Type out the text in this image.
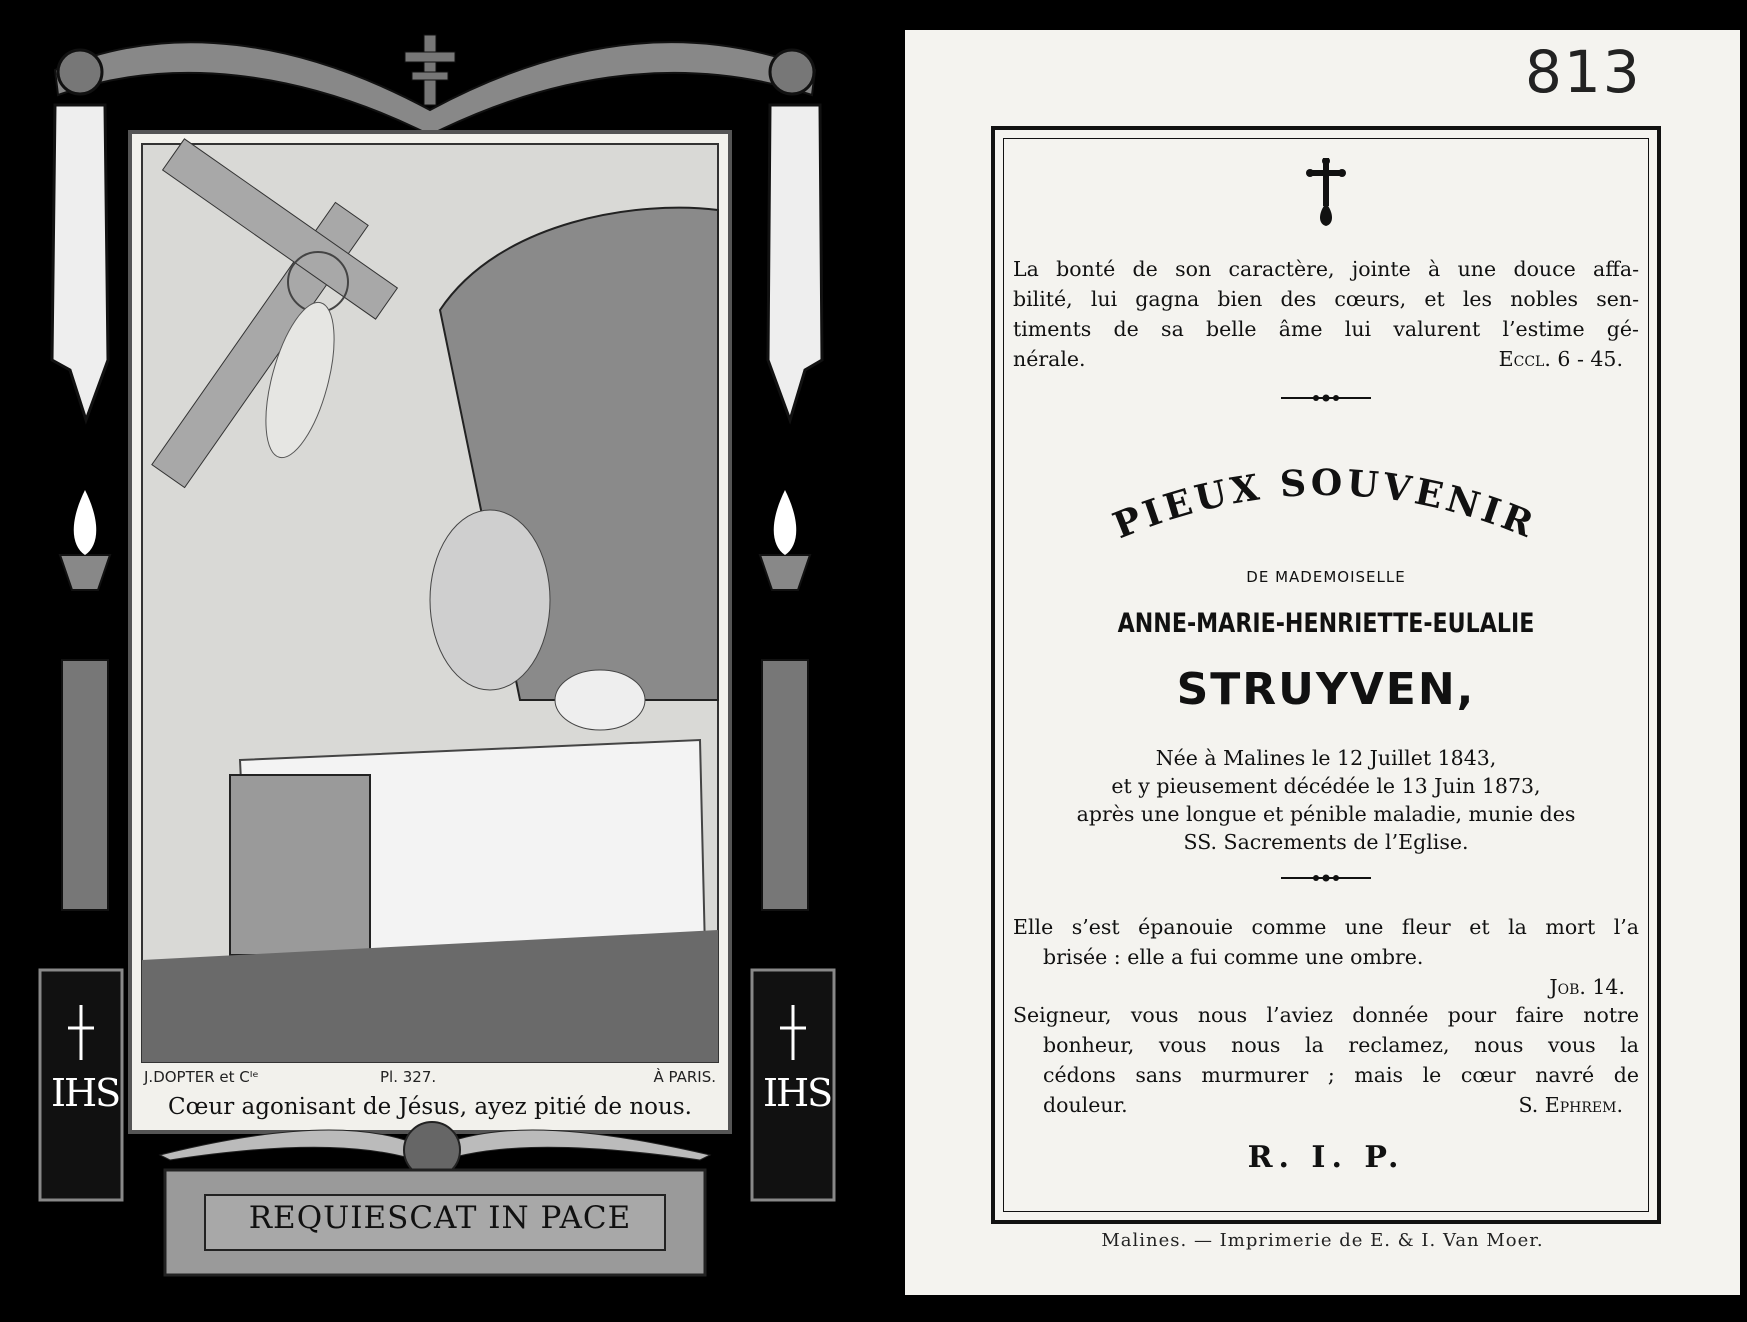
J.DOPTER et Cᴵᵉ	Pl. 327.	À PARIS.
Cœur agonisant de Jésus, ayez pitié de nous.
REQUIESCAT IN PACE
IHS	IHS
813
La bonté de son caractère, jointe à une douce affa-
bilité, lui gagna bien des cœurs, et les nobles sen-
timents de sa belle âme lui valurent l’estime gé-
nérale.	Eccl. 6 - 45.
PIEUX SOUVENIR
DE MADEMOISELLE
ANNE-MARIE-HENRIETTE-EULALIE
STRUYVEN,
Née à Malines le 12 Juillet 1843,
et y pieusement décédée le 13 Juin 1873,
après une longue et pénible maladie, munie des
SS. Sacrements de l’Eglise.
Elle s’est épanouie comme une fleur et la mort l’a
brisée : elle a fui comme une ombre.
Job. 14.
Seigneur, vous nous l’aviez donnée pour faire notre
bonheur, vous nous la reclamez, nous vous la
cédons sans murmurer ; mais le cœur navré de
douleur.	S. Ephrem.
R. I. P.
Malines. — Imprimerie de E. & I. Van Moer.
